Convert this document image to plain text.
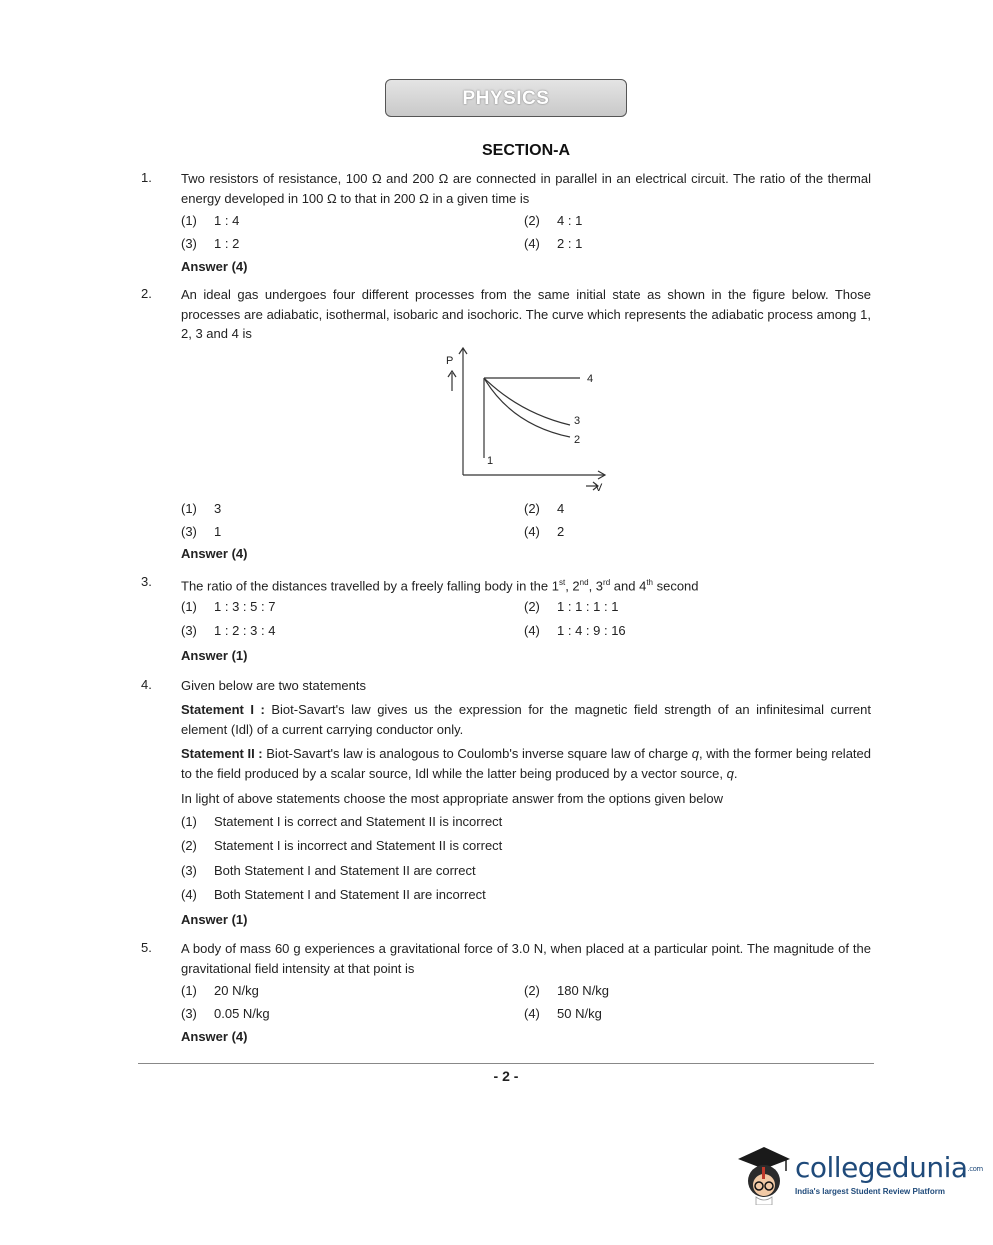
PHYSICS
SECTION-A
1. Two resistors of resistance, 100 Ω and 200 Ω are connected in parallel in an electrical circuit. The ratio of the thermal energy developed in 100 Ω to that in 200 Ω in a given time is
(1) 1 : 4	(2) 4 : 1
(3) 1 : 2	(4) 2 : 1
Answer (4)
2. An ideal gas undergoes four different processes from the same initial state as shown in the figure below. Those processes are adiabatic, isothermal, isobaric and isochoric. The curve which represents the adiabatic process among 1, 2, 3 and 4 is
P
V
4
3
2
1
(1) 3	(2) 4
(3) 1	(4) 2
Answer (4)
3. The ratio of the distances travelled by a freely falling body in the 1st, 2nd, 3rd and 4th second
(1) 1 : 3 : 5 : 7	(2) 1 : 1 : 1 : 1
(3) 1 : 2 : 3 : 4	(4) 1 : 4 : 9 : 16
Answer (1)
4. Given below are two statements
Statement I : Biot-Savart's law gives us the expression for the magnetic field strength of an infinitesimal current element (Idl) of a current carrying conductor only.
Statement II : Biot-Savart's law is analogous to Coulomb's inverse square law of charge q, with the former being related to the field produced by a scalar source, Idl while the latter being produced by a vector source, q.
In light of above statements choose the most appropriate answer from the options given below
(1) Statement I is correct and Statement II is incorrect
(2) Statement I is incorrect and Statement II is correct
(3) Both Statement I and Statement II are correct
(4) Both Statement I and Statement II are incorrect
Answer (1)
5. A body of mass 60 g experiences a gravitational force of 3.0 N, when placed at a particular point. The magnitude of the gravitational field intensity at that point is
(1) 20 N/kg	(2) 180 N/kg
(3) 0.05 N/kg	(4) 50 N/kg
Answer (4)
- 2 -
collegedunia.com
India's largest Student Review Platform
